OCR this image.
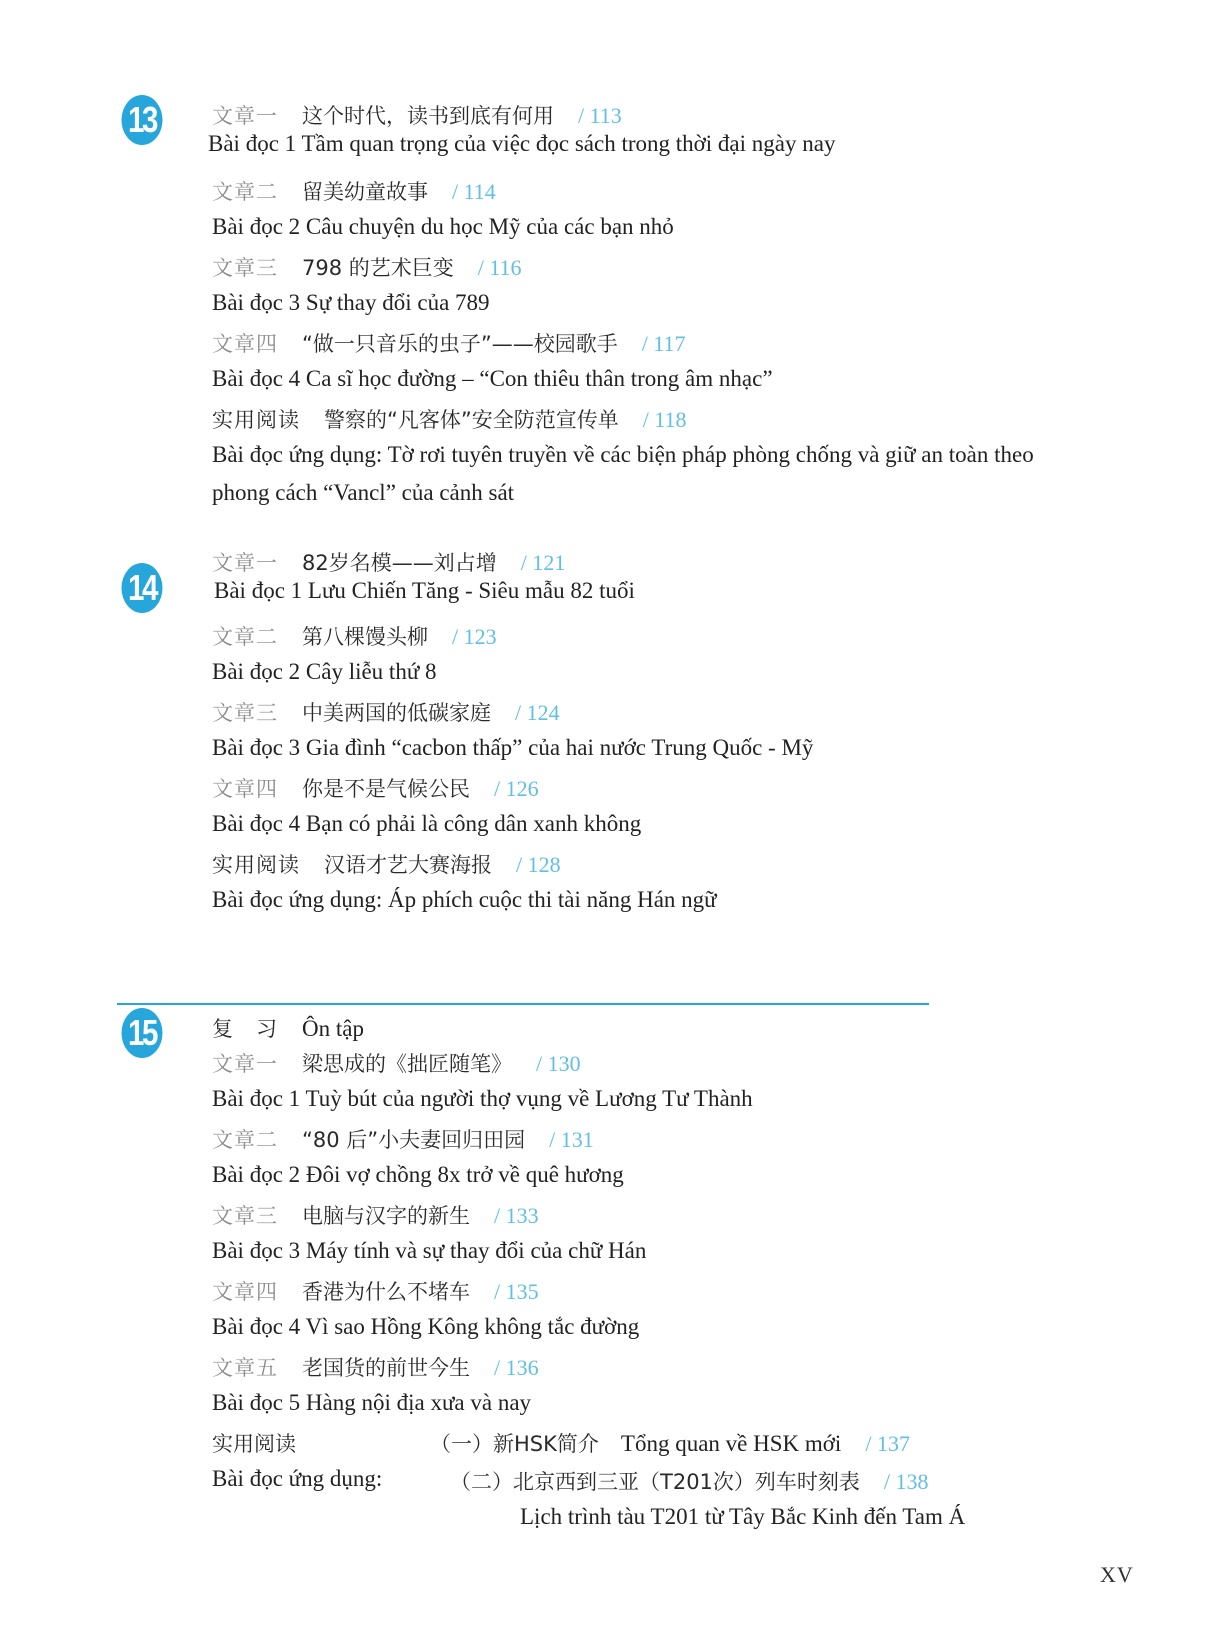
13	文章一 这个时代，读书到底有何用 / 113
Bài đọc 1 Tầm quan trọng của việc đọc sách trong thời đại ngày nay
文章二 留美幼童故事 / 114
Bài đọc 2 Câu chuyện du học Mỹ của các bạn nhỏ
文章三 798 的艺术巨变 / 116
Bài đọc 3 Sự thay đổi của 789
文章四 “做一只音乐的虫子”——校园歌手 / 117
Bài đọc 4 Ca sĩ học đường – “Con thiêu thân trong âm nhạc”
实用阅读 警察的“凡客体”安全防范宣传单 / 118
Bài đọc ứng dụng: Tờ rơi tuyên truyền về các biện pháp phòng chống và giữ an toàn theo
phong cách “Vancl” của cảnh sát
14
文章一 82岁名模——刘占增 / 121
Bài đọc 1 Lưu Chiến Tăng - Siêu mẫu 82 tuổi
文章二 第八棵馒头柳 / 123
Bài đọc 2 Cây liễu thứ 8
文章三 中美两国的低碳家庭 / 124
Bài đọc 3 Gia đình “cacbon thấp” của hai nước Trung Quốc - Mỹ
文章四 你是不是气候公民 / 126
Bài đọc 4 Bạn có phải là công dân xanh không
实用阅读 汉语才艺大赛海报 / 128
Bài đọc ứng dụng: Áp phích cuộc thi tài năng Hán ngữ
15	复　习 Ôn tập
文章一 梁思成的《拙匠随笔》 / 130
Bài đọc 1 Tuỳ bút của người thợ vụng về Lương Tư Thành
文章二 “80 后”小夫妻回归田园 / 131
Bài đọc 2 Đôi vợ chồng 8x trở về quê hương
文章三 电脑与汉字的新生 / 133
Bài đọc 3 Máy tính và sự thay đổi của chữ Hán
文章四 香港为什么不堵车 / 135
Bài đọc 4 Vì sao Hồng Kông không tắc đường
文章五 老国货的前世今生 / 136
Bài đọc 5 Hàng nội địa xưa và nay
实用阅读	（一）新HSK简介 Tổng quan về HSK mới / 137
Bài đọc ứng dụng:	（二）北京西到三亚（T201次）列车时刻表 / 138
Lịch trình tàu T201 từ Tây Bắc Kinh đến Tam Á
XV
